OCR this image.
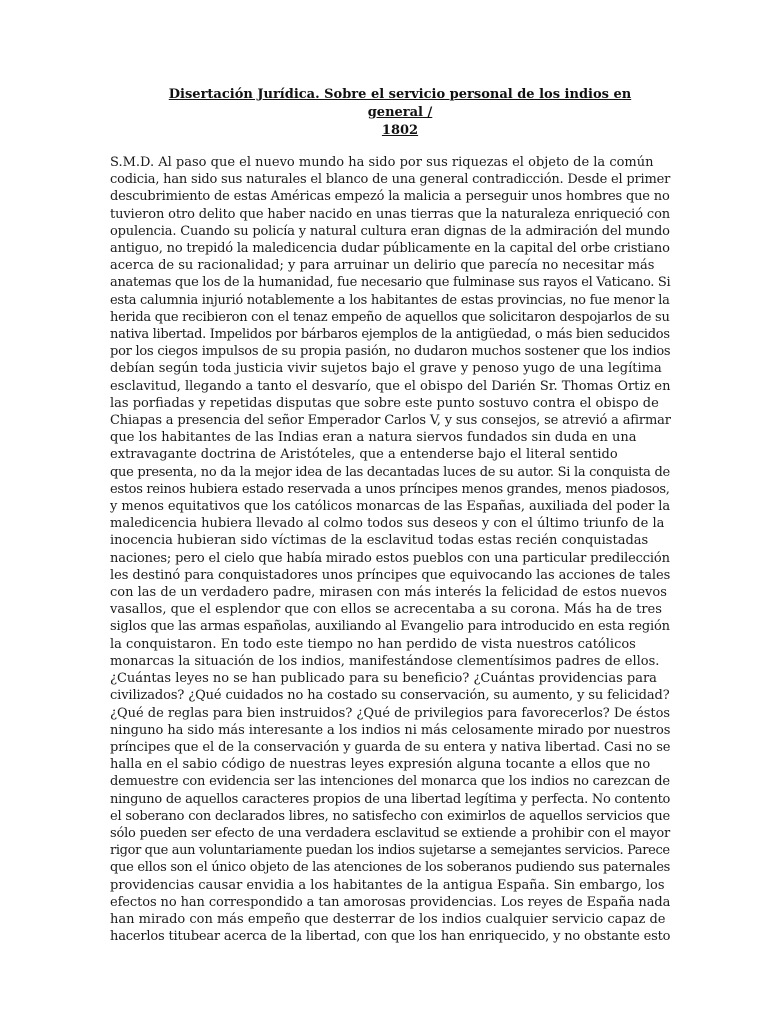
Disertación Jurídica. Sobre el servicio personal de los indios en general /
1802
S.M.D. Al paso que el nuevo mundo ha sido por sus riquezas el objeto de la común
codicia, han sido sus naturales el blanco de una general contradicción. Desde el primer
descubrimiento de estas Américas empezó la malicia a perseguir unos hombres que no
tuvieron otro delito que haber nacido en unas tierras que la naturaleza enriqueció con
opulencia. Cuando su policía y natural cultura eran dignas de la admiración del mundo
antiguo, no trepidó la maledicencia dudar públicamente en la capital del orbe cristiano
acerca de su racionalidad; y para arruinar un delirio que parecía no necesitar más
anatemas que los de la humanidad, fue necesario que fulminase sus rayos el Vaticano. Si
esta calumnia injurió notablemente a los habitantes de estas provincias, no fue menor la
herida que recibieron con el tenaz empeño de aquellos que solicitaron despojarlos de su
nativa libertad. Impelidos por bárbaros ejemplos de la antigüedad, o más bien seducidos
por los ciegos impulsos de su propia pasión, no dudaron muchos sostener que los indios
debían según toda justicia vivir sujetos bajo el grave y penoso yugo de una legítima
esclavitud, llegando a tanto el desvarío, que el obispo del Darién Sr. Thomas Ortiz en
las porfiadas y repetidas disputas que sobre este punto sostuvo contra el obispo de
Chiapas a presencia del señor Emperador Carlos V, y sus consejos, se atrevió a afirmar
que los habitantes de las Indias eran a natura siervos fundados sin duda en una
extravagante doctrina de Aristóteles, que a entenderse bajo el literal sentido
que presenta, no da la mejor idea de las decantadas luces de su autor. Si la conquista de
estos reinos hubiera estado reservada a unos príncipes menos grandes, menos piadosos,
y menos equitativos que los católicos monarcas de las Españas, auxiliada del poder la
maledicencia hubiera llevado al colmo todos sus deseos y con el último triunfo de la
inocencia hubieran sido víctimas de la esclavitud todas estas recién conquistadas
naciones; pero el cielo que había mirado estos pueblos con una particular predilección
les destinó para conquistadores unos príncipes que equivocando las acciones de tales
con las de un verdadero padre, mirasen con más interés la felicidad de estos nuevos
vasallos, que el esplendor que con ellos se acrecentaba a su corona. Más ha de tres
siglos que las armas españolas, auxiliando al Evangelio para introducido en esta región
la conquistaron. En todo este tiempo no han perdido de vista nuestros católicos
monarcas la situación de los indios, manifestándose clementísimos padres de ellos.
¿Cuántas leyes no se han publicado para su beneficio? ¿Cuántas providencias para
civilizados? ¿Qué cuidados no ha costado su conservación, su aumento, y su felicidad?
¿Qué de reglas para bien instruidos? ¿Qué de privilegios para favorecerlos? De éstos
ninguno ha sido más interesante a los indios ni más celosamente mirado por nuestros
príncipes que el de la conservación y guarda de su entera y nativa libertad. Casi no se
halla en el sabio código de nuestras leyes expresión alguna tocante a ellos que no
demuestre con evidencia ser las intenciones del monarca que los indios no carezcan de
ninguno de aquellos caracteres propios de una libertad legítima y perfecta. No contento
el soberano con declarados libres, no satisfecho con eximirlos de aquellos servicios que
sólo pueden ser efecto de una verdadera esclavitud se extiende a prohibir con el mayor
rigor que aun voluntariamente puedan los indios sujetarse a semejantes servicios. Parece
que ellos son el único objeto de las atenciones de los soberanos pudiendo sus paternales
providencias causar envidia a los habitantes de la antigua España. Sin embargo, los
efectos no han correspondido a tan amorosas providencias. Los reyes de España nada
han mirado con más empeño que desterrar de los indios cualquier servicio capaz de
hacerlos titubear acerca de la libertad, con que los han enriquecido, y no obstante esto
